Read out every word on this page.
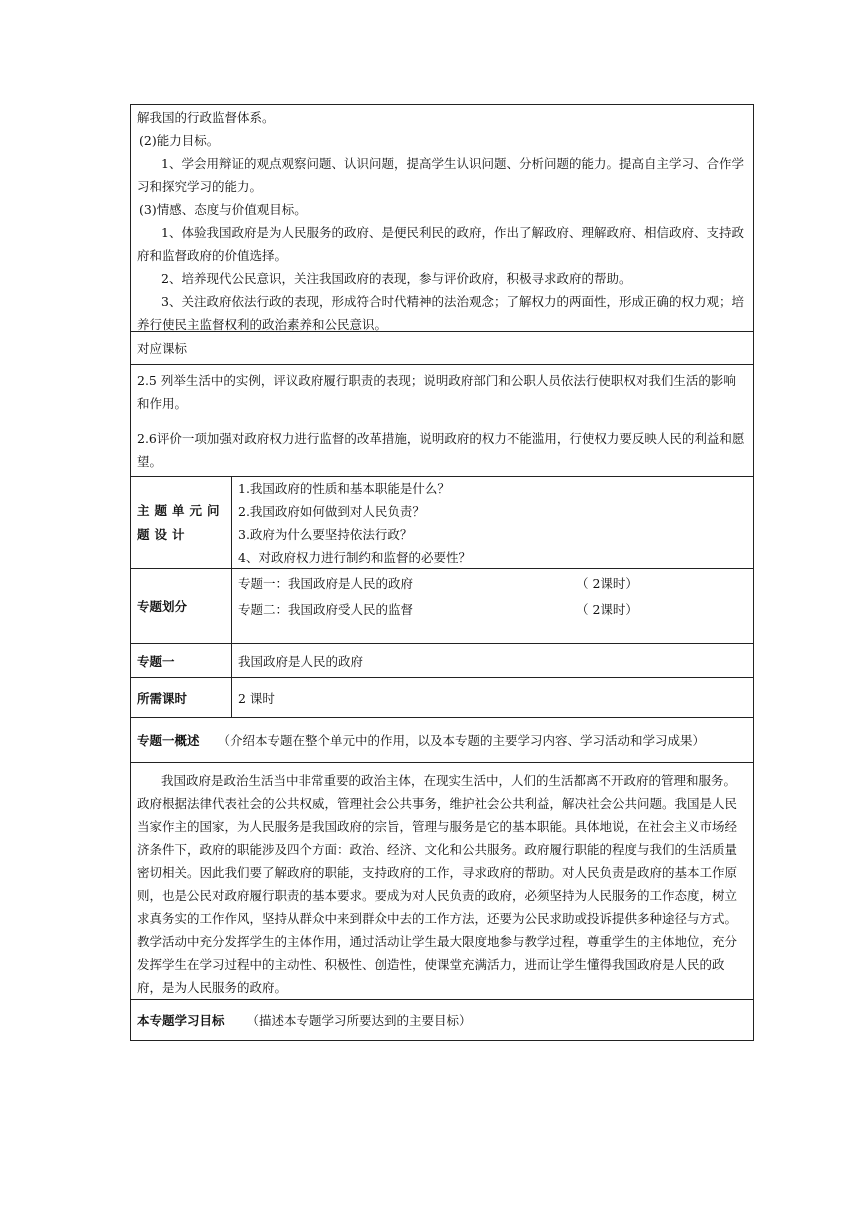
解我国的行政监督体系。

(2)能力目标。

1、学会用辩证的观点观察问题、认识问题，提高学生认识问题、分析问题的能力。提高自主学习、合作学习和探究学习的能力。

(3)情感、态度与价值观目标。

1、体验我国政府是为人民服务的政府、是便民利民的政府，作出了解政府、理解政府、相信政府、支持政府和监督政府的价值选择。

2、培养现代公民意识，关注我国政府的表现，参与评价政府，积极寻求政府的帮助。

3、关注政府依法行政的表现，形成符合时代精神的法治观念；了解权力的两面性，形成正确的权力观；培养行使民主监督权利的政治素养和公民意识。

对应课标

2.5 列举生活中的实例，评议政府履行职责的表现；说明政府部门和公职人员依法行使职权对我们生活的影响和作用。

2.6评价一项加强对政府权力进行监督的改革措施，说明政府的权力不能滥用，行使权力要反映人民的利益和愿望。

主题单元问题设计
1.我国政府的性质和基本职能是什么？
2.我国政府如何做到对人民负责？
3.政府为什么要坚持依法行政？
4、对政府权力进行制约和监督的必要性？
专题划分
专题一：我国政府是人民的政府	（ 2课时）
专题二：我国政府受人民的监督	（ 2课时）
专题一	我国政府是人民的政府
所需课时	2 课时

专题一概述 （介绍本专题在整个单元中的作用，以及本专题的主要学习内容、学习活动和学习成果）

我国政府是政治生活当中非常重要的政治主体，在现实生活中，人们的生活都离不开政府的管理和服务。政府根据法律代表社会的公共权威，管理社会公共事务，维护社会公共利益，解决社会公共问题。我国是人民当家作主的国家，为人民服务是我国政府的宗旨，管理与服务是它的基本职能。具体地说，在社会主义市场经济条件下，政府的职能涉及四个方面：政治、经济、文化和公共服务。政府履行职能的程度与我们的生活质量密切相关。因此我们要了解政府的职能，支持政府的工作，寻求政府的帮助。对人民负责是政府的基本工作原则，也是公民对政府履行职责的基本要求。要成为对人民负责的政府，必须坚持为人民服务的工作态度，树立求真务实的工作作风，坚持从群众中来到群众中去的工作方法，还要为公民求助或投诉提供多种途径与方式。教学活动中充分发挥学生的主体作用，通过活动让学生最大限度地参与教学过程，尊重学生的主体地位，充分发挥学生在学习过程中的主动性、积极性、创造性，使课堂充满活力，进而让学生懂得我国政府是人民的政府，是为人民服务的政府。

本专题学习目标 （描述本专题学习所要达到的主要目标）
